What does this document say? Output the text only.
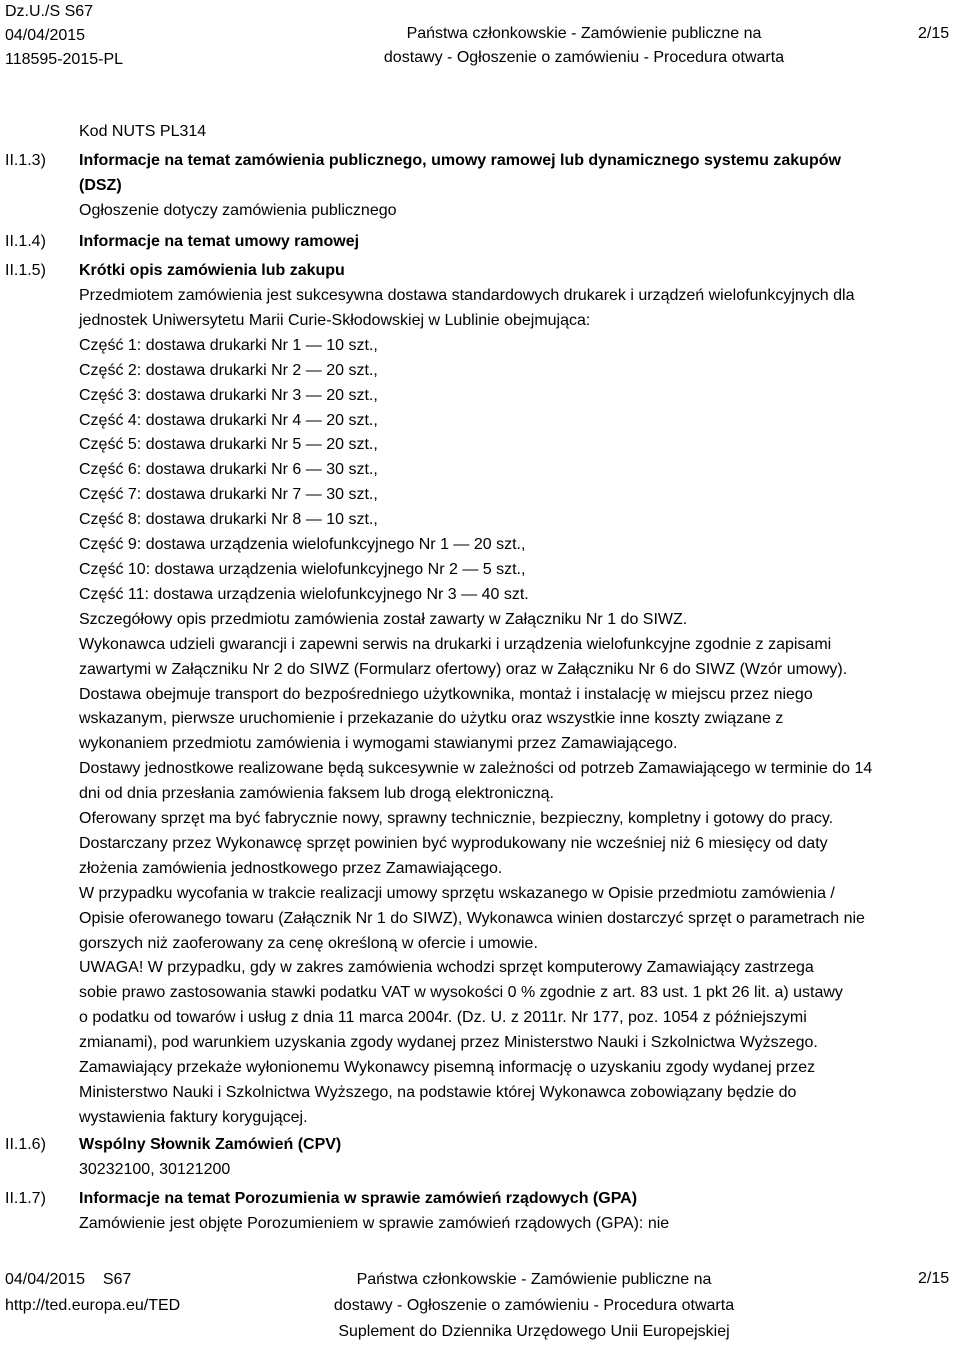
Dz.U./S S67
04/04/2015
118595-2015-PL
Państwa członkowskie - Zamówienie publiczne na
dostawy - Ogłoszenie o zamówieniu - Procedura otwarta
2/15
II.1.3)
II.1.4)
II.1.5)
II.1.6)
II.1.7)
Kod NUTS PL314
Informacje na temat zamówienia publicznego, umowy ramowej lub dynamicznego systemu zakupów
(DSZ)
Ogłoszenie dotyczy zamówienia publicznego
Informacje na temat umowy ramowej
Krótki opis zamówienia lub zakupu
Przedmiotem zamówienia jest sukcesywna dostawa standardowych drukarek i urządzeń wielofunkcyjnych dla
jednostek Uniwersytetu Marii Curie-Skłodowskiej w Lublinie obejmująca:
Część 1: dostawa drukarki Nr 1 — 10 szt.,
Część 2: dostawa drukarki Nr 2 — 20 szt.,
Część 3: dostawa drukarki Nr 3 — 20 szt.,
Część 4: dostawa drukarki Nr 4 — 20 szt.,
Część 5: dostawa drukarki Nr 5 — 20 szt.,
Część 6: dostawa drukarki Nr 6 — 30 szt.,
Część 7: dostawa drukarki Nr 7 — 30 szt.,
Część 8: dostawa drukarki Nr 8 — 10 szt.,
Część 9: dostawa urządzenia wielofunkcyjnego Nr 1 — 20 szt.,
Część 10: dostawa urządzenia wielofunkcyjnego Nr 2 — 5 szt.,
Część 11: dostawa urządzenia wielofunkcyjnego Nr 3 — 40 szt.
Szczegółowy opis przedmiotu zamówienia został zawarty w Załączniku Nr 1 do SIWZ.
Wykonawca udzieli gwarancji i zapewni serwis na drukarki i urządzenia wielofunkcyjne zgodnie z zapisami
zawartymi w Załączniku Nr 2 do SIWZ (Formularz ofertowy) oraz w Załączniku Nr 6 do SIWZ (Wzór umowy).
Dostawa obejmuje transport do bezpośredniego użytkownika, montaż i instalację w miejscu przez niego
wskazanym, pierwsze uruchomienie i przekazanie do użytku oraz wszystkie inne koszty związane z
wykonaniem przedmiotu zamówienia i wymogami stawianymi przez Zamawiającego.
Dostawy jednostkowe realizowane będą sukcesywnie w zależności od potrzeb Zamawiającego w terminie do 14
dni od dnia przesłania zamówienia faksem lub drogą elektroniczną.
Oferowany sprzęt ma być fabrycznie nowy, sprawny technicznie, bezpieczny, kompletny i gotowy do pracy.
Dostarczany przez Wykonawcę sprzęt powinien być wyprodukowany nie wcześniej niż 6 miesięcy od daty
złożenia zamówienia jednostkowego przez Zamawiającego.
W przypadku wycofania w trakcie realizacji umowy sprzętu wskazanego w Opisie przedmiotu zamówienia /
Opisie oferowanego towaru (Załącznik Nr 1 do SIWZ), Wykonawca winien dostarczyć sprzęt o parametrach nie
gorszych niż zaoferowany za cenę określoną w ofercie i umowie.
UWAGA! W przypadku, gdy w zakres zamówienia wchodzi sprzęt komputerowy Zamawiający zastrzega
sobie prawo zastosowania stawki podatku VAT w wysokości 0 % zgodnie z art. 83 ust. 1 pkt 26 lit. a) ustawy
o podatku od towarów i usług z dnia 11 marca 2004r. (Dz. U. z 2011r. Nr 177, poz. 1054 z późniejszymi
zmianami), pod warunkiem uzyskania zgody wydanej przez Ministerstwo Nauki i Szkolnictwa Wyższego.
Zamawiający przekaże wyłonionemu Wykonawcy pisemną informację o uzyskaniu zgody wydanej przez
Ministerstwo Nauki i Szkolnictwa Wyższego, na podstawie której Wykonawca zobowiązany będzie do
wystawienia faktury korygującej.
Wspólny Słownik Zamówień (CPV)
30232100, 30121200
Informacje na temat Porozumienia w sprawie zamówień rządowych (GPA)
Zamówienie jest objęte Porozumieniem w sprawie zamówień rządowych (GPA): nie
04/04/2015    S67
http://ted.europa.eu/TED
Państwa członkowskie - Zamówienie publiczne na
dostawy - Ogłoszenie o zamówieniu - Procedura otwarta
Suplement do Dziennika Urzędowego Unii Europejskiej
2/15
